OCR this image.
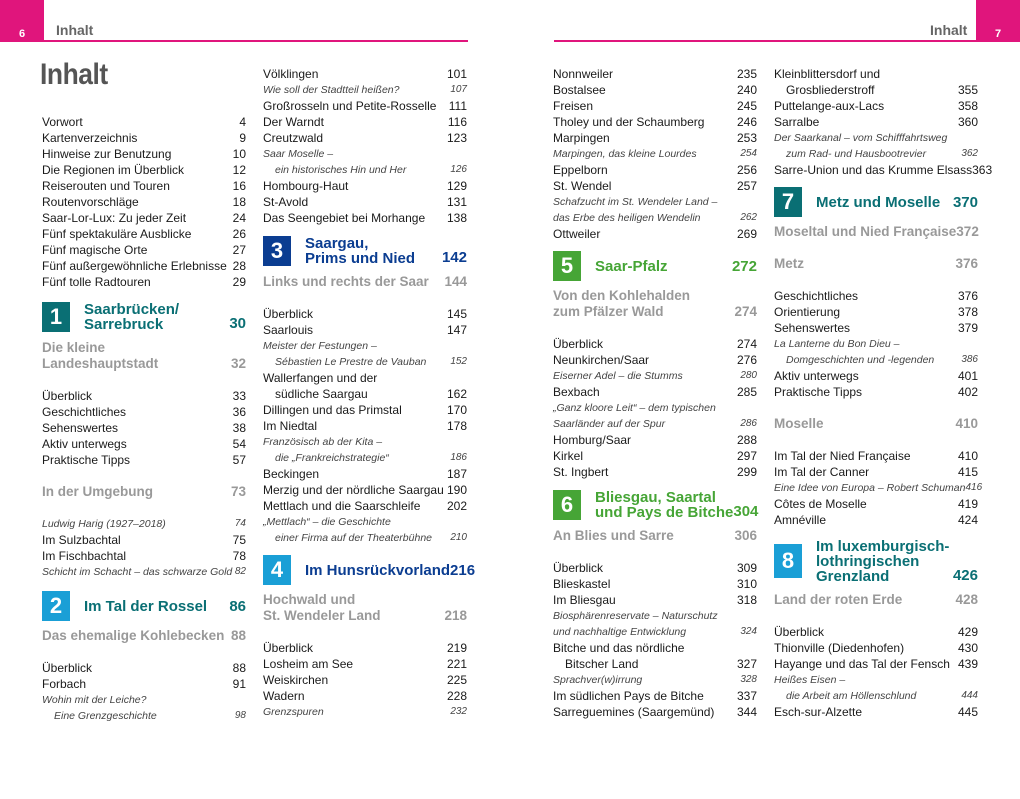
6 Inhalt	7
Inhalt
Inhalt
Vorwort	4
Kartenverzeichnis	9
Hinweise zur Benutzung	10
Die Regionen im Überblick	12
Reiserouten und Touren	16
Routenvorschläge	18
Saar-Lor-Lux: Zu jeder Zeit	24
Fünf spektakuläre Ausblicke	26
Fünf magische Orte	27
Fünf außergewöhnliche Erlebnisse 28
Fünf tolle Radtouren	29
1	Saarbrücken/
Sarrebruck	30
Die kleine
Landeshauptstadt	32
Überblick	33
Geschichtliches	36
Sehenswertes	38
Aktiv unterwegs	54
Praktische Tipps	57
In der Umgebung	73
Ludwig Harig (1927–2018)	74
Im Sulzbachtal	75
Im Fischbachtal	78
Schicht im Schacht – das schwarze Gold 82
2	Im Tal der Rossel	86
Das ehemalige Kohlebecken 88
Überblick	88
Forbach	91
Wohin mit der Leiche?
Eine Grenzgeschichte	98
Völklingen	101
Wie soll der Stadtteil heißen?	107
Großrosseln und Petite-Rosselle 111
Der Warndt	116
Creutzwald	123
Saar Moselle –
ein historisches Hin und Her	126
Hombourg-Haut	129
St-Avold	131
Das Seengebiet bei Morhange 138
3	Saargau,
Prims und Nied	142
Links und rechts der Saar 144
Überblick	145
Saarlouis	147
Meister der Festungen –
Sébastien Le Prestre de Vauban 152
Wallerfangen und der
südliche Saargau	162
Dillingen und das Primstal	170
Im Niedtal	178
Französisch ab der Kita –
die „Frankreichstrategie“	186
Beckingen	187
Merzig und der nördliche Saargau 190
Mettlach und die Saarschleife 202
„Mettlach“ – die Geschichte
einer Firma auf der Theaterbühne 210
4	Im Hunsrückvorland 216
Hochwald und
St. Wendeler Land	218
Überblick	219
Losheim am See	221
Weiskirchen	225
Wadern	228
Grenzspuren	232
Nonnweiler	235
Bostalsee	240
Freisen	245
Tholey und der Schaumberg	246
Marpingen	253
Marpingen, das kleine Lourdes	254
Eppelborn	256
St. Wendel	257
Schafzucht im St. Wendeler Land –
das Erbe des heiligen Wendelin	262
Ottweiler	269
5	Saar-Pfalz	272
Von den Kohlehalden
zum Pfälzer Wald	274
Überblick	274
Neunkirchen/Saar	276
Eiserner Adel – die Stumms	280
Bexbach	285
„Ganz kloore Leit“ – dem typischen
Saarländer auf der Spur	286
Homburg/Saar	288
Kirkel	297
St. Ingbert	299
6	Bliesgau, Saartal
und Pays de Bitche 304
An Blies und Sarre	306
Überblick	309
Blieskastel	310
Im Bliesgau	318
Biosphärenreservate – Naturschutz
und nachhaltige Entwicklung	324
Bitche und das nördliche
Bitscher Land	327
Sprachver(w)irrung	328
Im südlichen Pays de Bitche	337
Sarreguemines (Saargemünd) 344
Kleinblittersdorf und
Grosbliederstroff	355
Puttelange-aux-Lacs	358
Sarralbe	360
Der Saarkanal – vom Schifffahrtsweg
zum Rad- und Hausbootrevier	362
Sarre-Union und das Krumme Elsass 363
7	Metz und Moselle 370
Moseltal und Nied Française 372
Metz	376
Geschichtliches	376
Orientierung	378
Sehenswertes	379
La Lanterne du Bon Dieu –
Domgeschichten und -legenden	386
Aktiv unterwegs	401
Praktische Tipps	402
Moselle	410
Im Tal der Nied Française	410
Im Tal der Canner	415
Eine Idee von Europa – Robert Schuman 416
Côtes de Moselle	419
Amnéville	424
8
Im luxemburgisch-
lothringischen
Grenzland	426
Land der roten Erde	428
Überblick	429
Thionville (Diedenhofen)	430
Hayange und das Tal der Fensch 439
Heißes Eisen –
die Arbeit am Höllenschlund	444
Esch-sur-Alzette	445
